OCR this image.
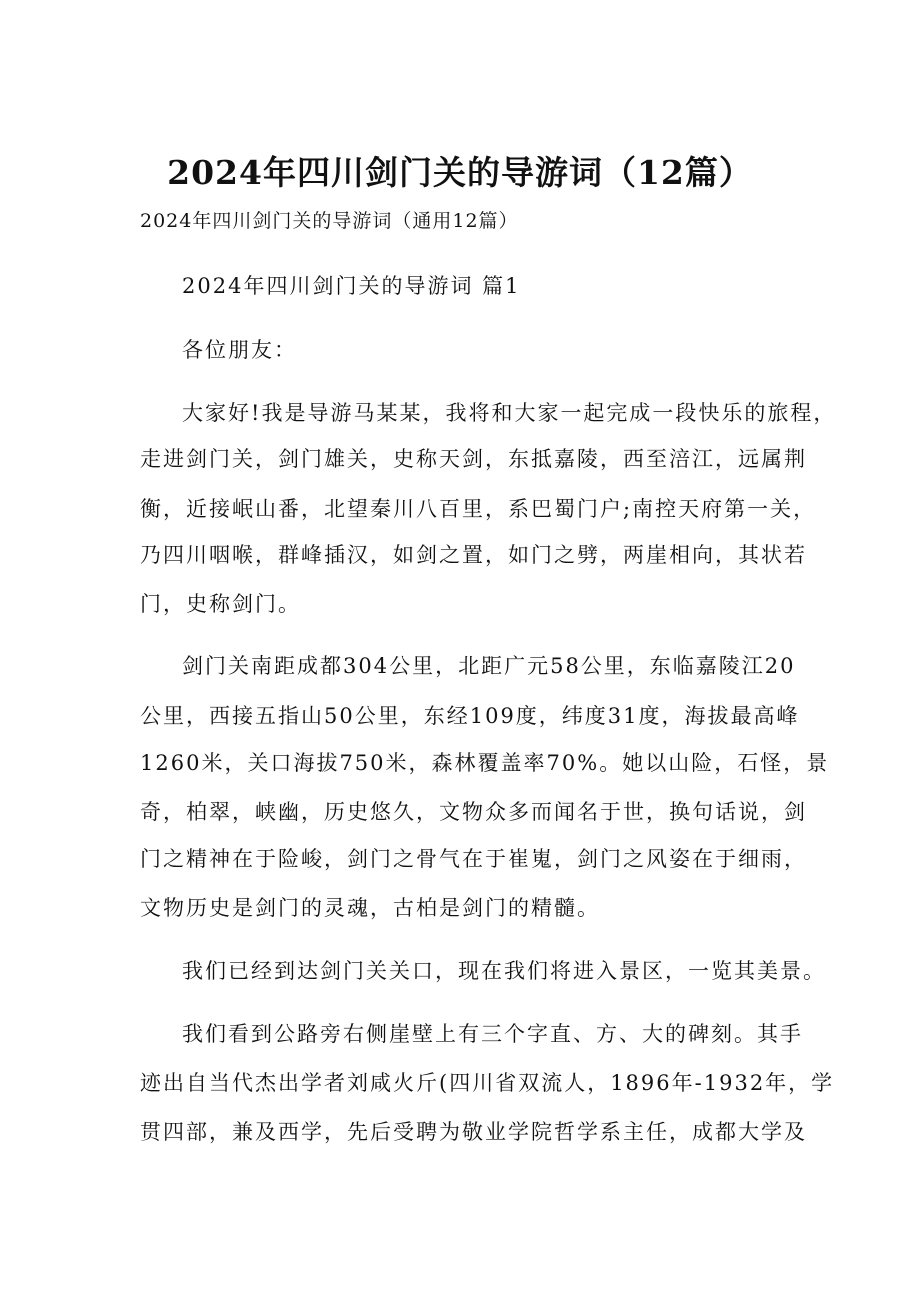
2024年四川剑门关的导游词（12篇）
2024年四川剑门关的导游词（通用12篇）
2024年四川剑门关的导游词 篇1
各位朋友：
大家好!我是导游马某某，我将和大家一起完成一段快乐的旅程，
走进剑门关，剑门雄关，史称天剑，东抵嘉陵，西至涪江，远属荆
衡，近接岷山番，北望秦川八百里，系巴蜀门户;南控天府第一关，
乃四川咽喉，群峰插汉，如剑之置，如门之劈，两崖相向，其状若
门，史称剑门。
剑门关南距成都304公里，北距广元58公里，东临嘉陵江20
公里，西接五指山50公里，东经109度，纬度31度，海拔最高峰
1260米，关口海拔750米，森林覆盖率70%。她以山险，石怪，景
奇，柏翠，峡幽，历史悠久，文物众多而闻名于世，换句话说，剑
门之精神在于险峻，剑门之骨气在于崔嵬，剑门之风姿在于细雨，
文物历史是剑门的灵魂，古柏是剑门的精髓。
我们已经到达剑门关关口，现在我们将进入景区，一览其美景。
我们看到公路旁右侧崖壁上有三个字直、方、大的碑刻。其手
迹出自当代杰出学者刘咸火斤(四川省双流人，1896年-1932年，学
贯四部，兼及西学，先后受聘为敬业学院哲学系主任，成都大学及
